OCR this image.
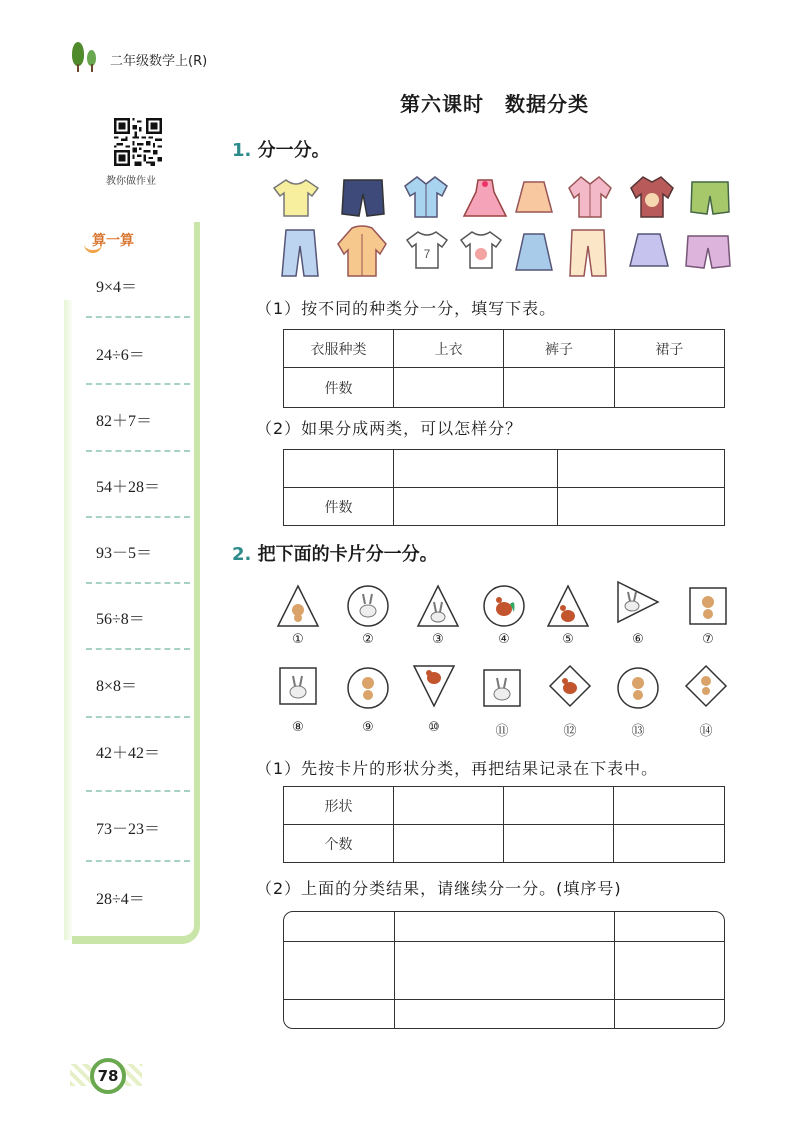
二年级数学上(R)
第六课时　数据分类
教你做作业
算一算
9×4＝
24÷6＝
82＋7＝
54＋28＝
93－5＝
56÷8＝
8×8＝
42＋42＝
73－23＝
28÷4＝
1. 分一分。
7
（1）按不同的种类分一分，填写下表。
衣服种类	上衣	裤子	裙子
件数			
（2）如果分成两类，可以怎样分？

件数		
2. 把下面的卡片分一分。
①	②	③	④	⑤	⑥	⑦
⑧	⑨	⑩	⑪	⑫	⑬	⑭
（1）先按卡片的形状分类，再把结果记录在下表中。
形状			
个数			
（2）上面的分类结果，请继续分一分。(填序号)

78
